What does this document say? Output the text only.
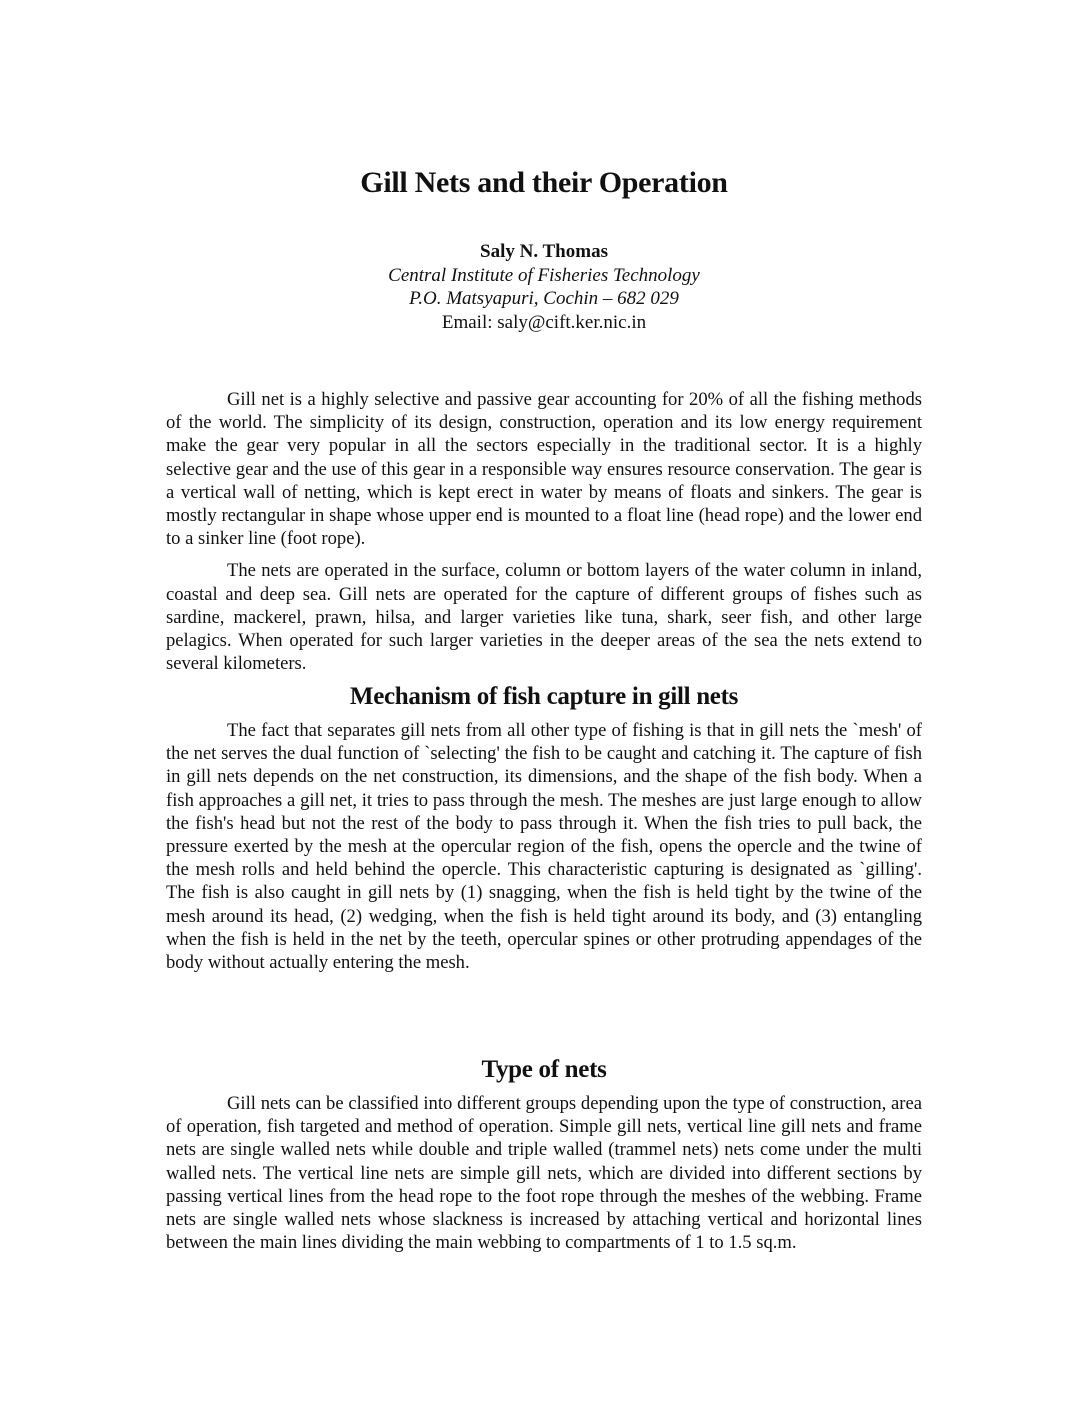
Gill Nets and their Operation
Saly N. Thomas
Central Institute of Fisheries Technology
P.O. Matsyapuri, Cochin – 682 029
Email: saly@cift.ker.nic.in

Gill net is a highly selective and passive gear accounting for 20% of all the fishing methods of the world. The simplicity of its design, construction, operation and its low energy requirement make the gear very popular in all the sectors especially in the traditional sector. It is a highly selective gear and the use of this gear in a responsible way ensures resource conservation. The gear is a vertical wall of netting, which is kept erect in water by means of floats and sinkers. The gear is mostly rectangular in shape whose upper end is mounted to a float line (head rope) and the lower end to a sinker line (foot rope).

The nets are operated in the surface, column or bottom layers of the water column in inland, coastal and deep sea. Gill nets are operated for the capture of different groups of fishes such as sardine, mackerel, prawn, hilsa, and larger varieties like tuna, shark, seer fish, and other large pelagics. When operated for such larger varieties in the deeper areas of the sea the nets extend to several kilometers.

Mechanism of fish capture in gill nets

The fact that separates gill nets from all other type of fishing is that in gill nets the `mesh' of the net serves the dual function of `selecting' the fish to be caught and catching it. The capture of fish in gill nets depends on the net construction, its dimensions, and the shape of the fish body. When a fish approaches a gill net, it tries to pass through the mesh. The meshes are just large enough to allow the fish's head but not the rest of the body to pass through it. When the fish tries to pull back, the pressure exerted by the mesh at the opercular region of the fish, opens the opercle and the twine of the mesh rolls and held behind the opercle. This characteristic capturing is designated as `gilling'. The fish is also caught in gill nets by (1) snagging, when the fish is held tight by the twine of the mesh around its head, (2) wedging, when the fish is held tight around its body, and (3) entangling when the fish is held in the net by the teeth, opercular spines or other protruding appendages of the body without actually entering the mesh.

Type of nets

Gill nets can be classified into different groups depending upon the type of construction, area of operation, fish targeted and method of operation. Simple gill nets, vertical line gill nets and frame nets are single walled nets while double and triple walled (trammel nets) nets come under the multi walled nets. The vertical line nets are simple gill nets, which are divided into different sections by passing vertical lines from the head rope to the foot rope through the meshes of the webbing. Frame nets are single walled nets whose slackness is increased by attaching vertical and horizontal lines between the main lines dividing the main webbing to compartments of 1 to 1.5 sq.m.
